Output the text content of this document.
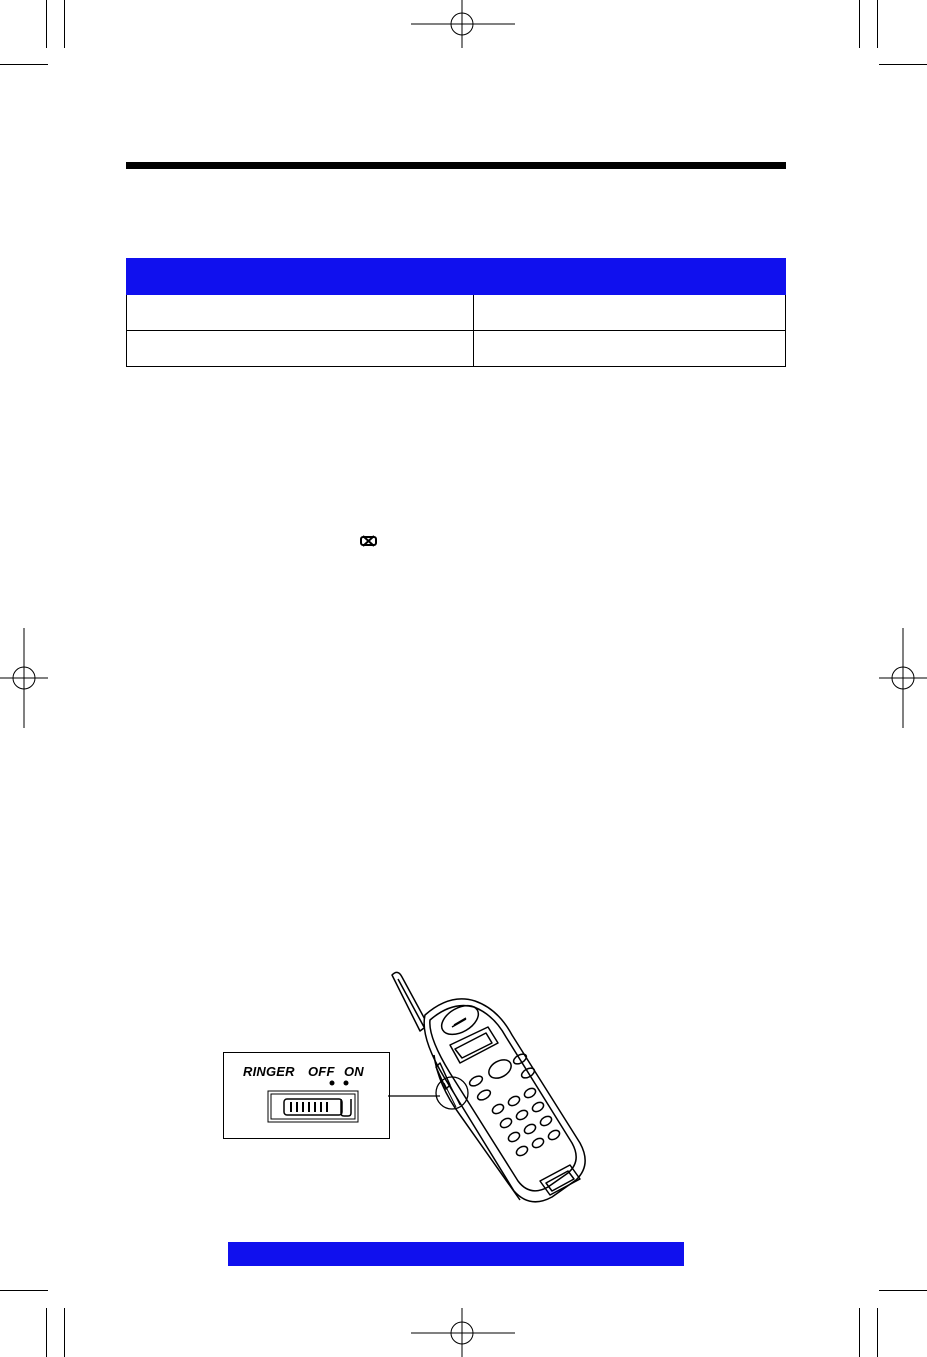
RINGER OFF ON
